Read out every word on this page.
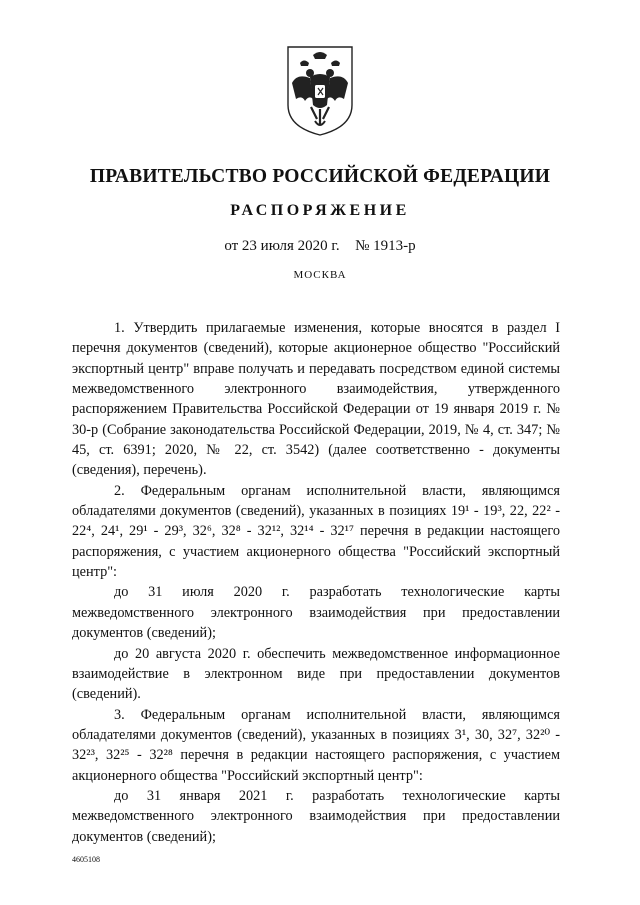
ПРАВИТЕЛЬСТВО РОССИЙСКОЙ ФЕДЕРАЦИИ
РАСПОРЯЖЕНИЕ
от 23 июля 2020 г. № 1913-р
МОСКВА

1. Утвердить прилагаемые изменения, которые вносятся в раздел I перечня документов (сведений), которые акционерное общество "Российский экспортный центр" вправе получать и передавать посредством единой системы межведомственного электронного взаимодействия, утвержденного распоряжением Правительства Российской Федерации от 19 января 2019 г. № 30-р (Собрание законодательства Российской Федерации, 2019, № 4, ст. 347; № 45, ст. 6391; 2020, № 22, ст. 3542) (далее соответственно - документы (сведения), перечень).

2. Федеральным органам исполнительной власти, являющимся обладателями документов (сведений), указанных в позициях 19¹ - 19³, 22, 22² - 22⁴, 24¹, 29¹ - 29³, 32⁶, 32⁸ - 32¹², 32¹⁴ - 32¹⁷ перечня в редакции настоящего распоряжения, с участием акционерного общества "Российский экспортный центр":

до 31 июля 2020 г. разработать технологические карты межведомственного электронного взаимодействия при предоставлении документов (сведений);

до 20 августа 2020 г. обеспечить межведомственное информационное взаимодействие в электронном виде при предоставлении документов (сведений).

3. Федеральным органам исполнительной власти, являющимся обладателями документов (сведений), указанных в позициях 3¹, 30, 32⁷, 32²⁰ - 32²³, 32²⁵ - 32²⁸ перечня в редакции настоящего распоряжения, с участием акционерного общества "Российский экспортный центр":

до 31 января 2021 г. разработать технологические карты межведомственного электронного взаимодействия при предоставлении документов (сведений);

4605108
